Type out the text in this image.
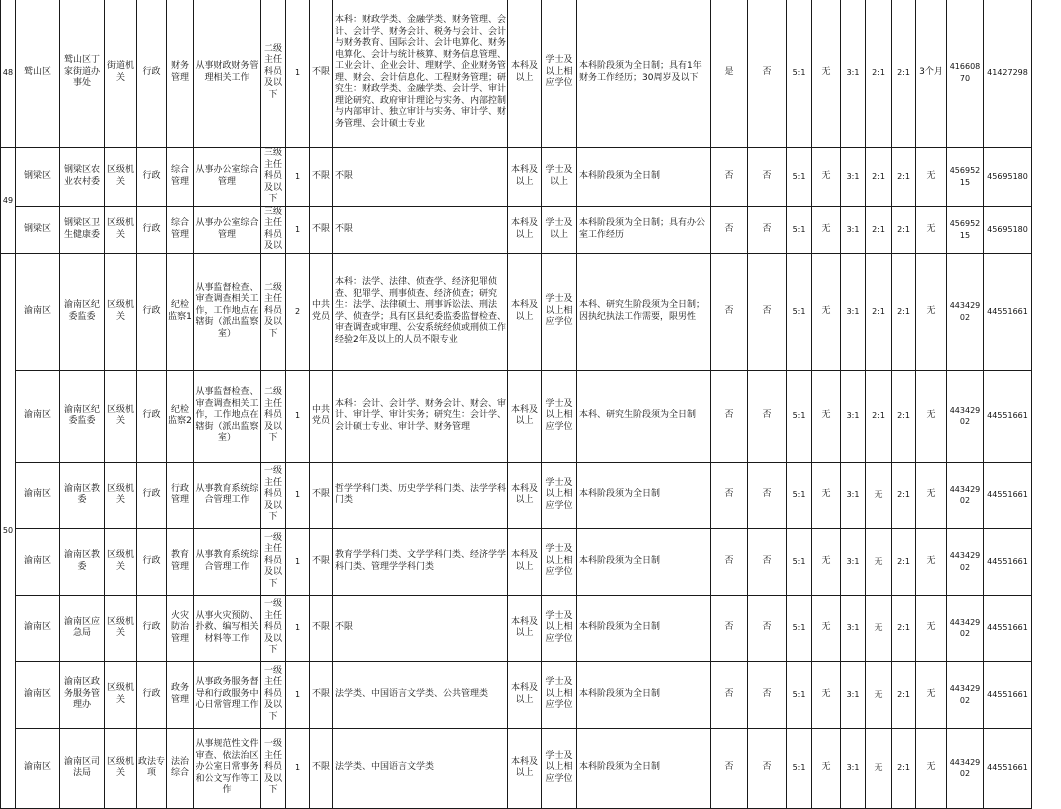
48	鹫山区	鹫山区丁家街道办事处	街道机关	行政	财务管理	从事财政财务管理相关工作	二级主任科员及以下	1	不限	本科：财政学类、金融学类、财务管理、会计、会计学、财务会计、税务与会计、会计与财务教育、国际会计、会计电算化、财务电算化、会计与统计核算、财务信息管理、工业会计、企业会计、理财学、企业财务管理、财会、会计信息化、工程财务管理；研究生：财政学类、金融学类、会计学、审计理论研究、政府审计理论与实务、内部控制与内部审计、独立审计与实务、审计学、财务管理、会计硕士专业	本科及以上	学士及以上相应学位	本科阶段须为全日制；具有1年财务工作经历；30周岁及以下	是	否	5:1	无	3:1	2:1	2:1	3个月	41660870	41427298
49	钢梁区	钢梁区农业农村委	区级机关	行政	综合管理	从事办公室综合管理	三级主任科员及以下	1	不限	不限	本科及以上	学士及以上	本科阶段须为全日制	否	否	5:1	无	3:1	2:1	2:1	无	45695215	45695180
	钢梁区	钢梁区卫生健康委	区级机关	行政	综合管理	从事办公室综合管理	三级主任科员及以	1	不限	不限	本科及以上	学士及以上	本科阶段须为全日制；具有办公室工作经历	否	否	5:1	无	3:1	2:1	2:1	无	45695215	45695180
50	渝南区	渝南区纪委监委	区级机关	行政	纪检监察1	从事监督检查、审查调查相关工作，工作地点在辖街（派出监察室）	二级主任科员及以下	2	中共党员	本科：法学、法律、侦查学、经济犯罪侦查、犯罪学、刑事侦查、经济侦查；研究生：法学、法律硕士、刑事诉讼法、刑法学、侦查学；具有区县纪委监委监督检查、审查调查或审理、公安系统经侦或刑侦工作经验2年及以上的人员不限专业	本科及以上	学士及以上相应学位	本科、研究生阶段须为全日制；因执纪执法工作需要，限男性	否	否	5:1	无	3:1	2:1	2:1	无	44342902	44551661
	渝南区	渝南区纪委监委	区级机关	行政	纪检监察2	从事监督检查、审查调查相关工作，工作地点在辖街（派出监察室）	二级主任科员及以下	1	中共党员	本科：会计、会计学、财务会计、财会、审计、审计学、审计实务；研究生：会计学、会计硕士专业、审计学、财务管理	本科及以上	学士及以上相应学位	本科、研究生阶段须为全日制	否	否	5:1	无	3:1	2:1	2:1	无	44342902	44551661
	渝南区	渝南区教委	区级机关	行政	行政管理	从事教育系统综合管理工作	一级主任科员及以下	1	不限	哲学学科门类、历史学学科门类、法学学科门类	本科及以上	学士及以上相应学位	本科阶段须为全日制	否	否	5:1	无	3:1	无	2:1	无	44342902	44551661
	渝南区	渝南区教委	区级机关	行政	教育管理	从事教育系统综合管理工作	一级主任科员及以下	1	不限	教育学学科门类、文学学科门类、经济学学科门类、管理学学科门类	本科及以上	学士及以上相应学位	本科阶段须为全日制	否	否	5:1	无	3:1	无	2:1	无	44342902	44551661
	渝南区	渝南区应急局	区级机关	行政	火灾防治管理	从事火灾预防、扑救、编写相关材料等工作	一级主任科员及以下	1	不限	不限	本科及以上	学士及以上相应学位	本科阶段须为全日制	否	否	5:1	无	3:1	无	2:1	无	44342902	44551661
	渝南区	渝南区政务服务管理办	区级机关	行政	政务管理	从事政务服务督导和行政服务中心日常管理工作	一级主任科员及以下	1	不限	法学类、中国语言文学类、公共管理类	本科及以上	学士及以上相应学位	本科阶段须为全日制	否	否	5:1	无	3:1	无	2:1	无	44342902	44551661
	渝南区	渝南区司法局	区级机关	政法专项	法治综合	从事规范性文件审查、依法治区办公室日常事务和公文写作等工作	一级主任科员及以下	1	不限	法学类、中国语言文学类	本科及以上	学士及以上相应学位	本科阶段须为全日制	否	否	5:1	无	3:1	无	2:1	无	44342902	44551661
